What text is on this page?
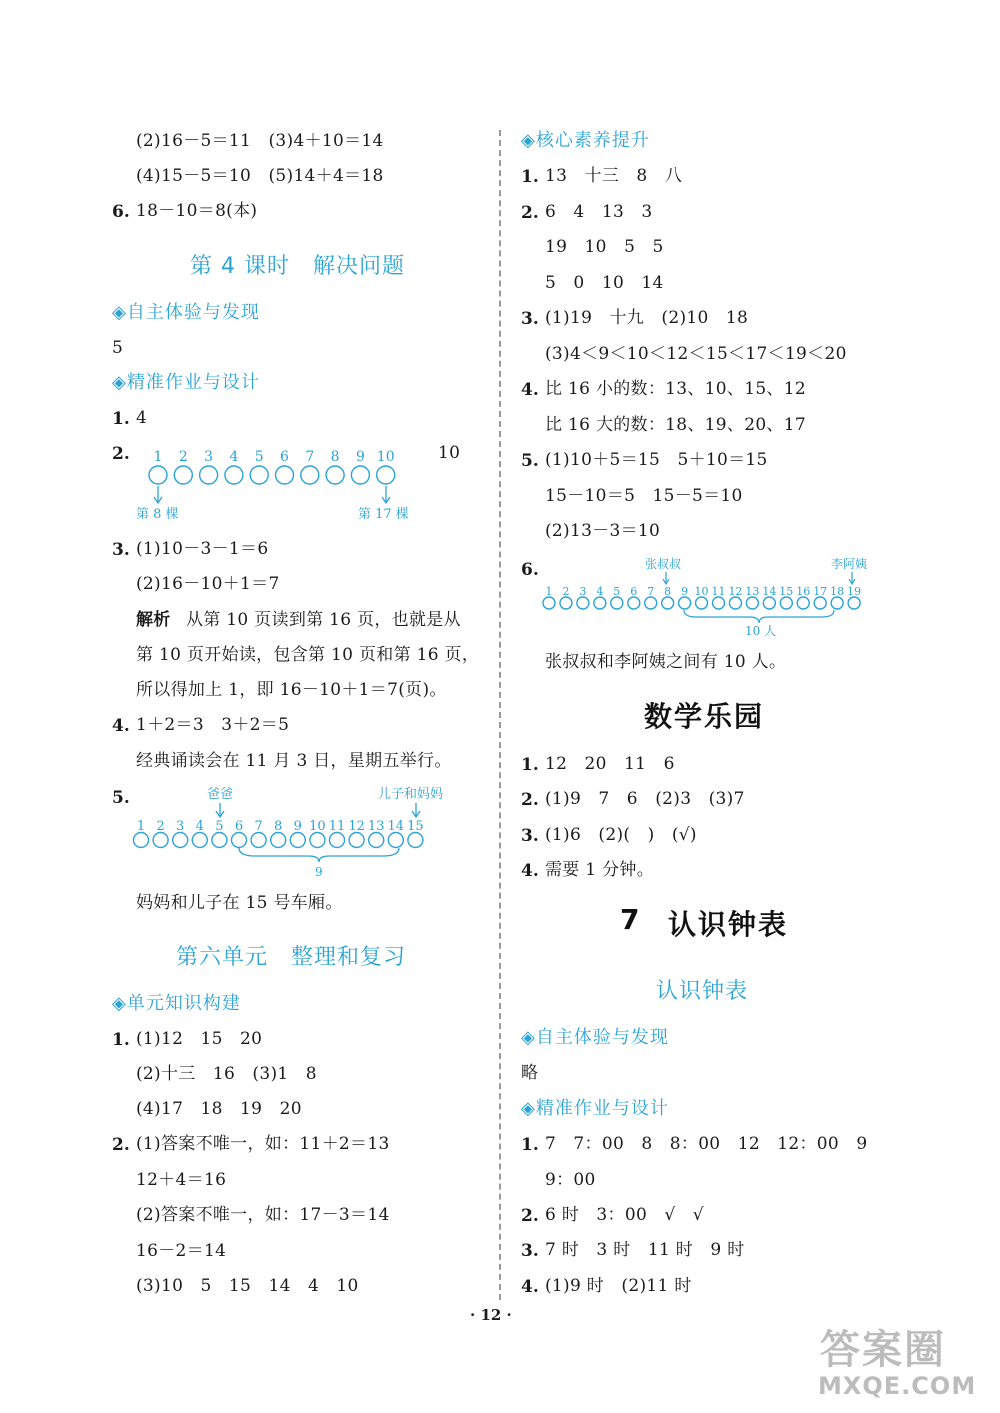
(2)16－5＝11　(3)4＋10＝14
(4)15－5＝10　(5)14＋4＝18
6. 18－10＝8(本)
第 4 课时　解决问题
◈自主体验与发现
5
◈精准作业与设计
1. 4
2.	10
1 2 3 4 5 6 7 8 9 10
第 8 棵	第 17 棵
3. (1)10－3－1＝6
(2)16－10＋1＝7
解析 从第 10 页读到第 16 页，也就是从
第 10 页开始读，包含第 10 页和第 16 页，
所以得加上 1，即 16－10＋1＝7(页)。
4. 1＋2＝3　3＋2＝5
经典诵读会在 11 月 3 日，星期五举行。
5.	爸爸	儿子和妈妈
1 2 3 4 5 6 7 8 9 10 11 12 13 14 15
9
妈妈和儿子在 15 号车厢。
第六单元　整理和复习
◈单元知识构建
1. (1)12　15　20
(2)十三　16　(3)1　8
(4)17　18　19　20
2. (1)答案不唯一，如：11＋2＝13
12＋4＝16
(2)答案不唯一，如：17－3＝14
16－2＝14
(3)10　5　15　14　4　10
◈核心素养提升
1. 13　十三　8　八
2. 6　4　13　3
19　10　5　5
5　0　10　14
3. (1)19　十九　(2)10　18
(3)4＜9＜10＜12＜15＜17＜19＜20
4. 比 16 小的数：13、10、15、12
比 16 大的数：18、19、20、17
5. (1)10＋5＝15　5＋10＝15
15－10＝5　15－5＝10
(2)13－3＝10
6.	张叔叔	李阿姨
1 2 3 4 5 6 7 8 9 10 11 12 13 14 15 16 17 18 19
10 人
张叔叔和李阿姨之间有 10 人。
数学乐园
1. 12　20　11　6
2. (1)9　7　6　(2)3　(3)7
3. (1)6　(2)(　)　(√)
4. 需要 1 分钟。
7 认识钟表
认识钟表
◈自主体验与发现
略
◈精准作业与设计
1. 7　7：00　8　8：00　12　12：00　9
9：00
2. 6 时　3：00　√　√
3. 7 时　3 时　11 时　9 时
4. (1)9 时　(2)11 时
· 12 ·
答案圈
MXQE.COM
